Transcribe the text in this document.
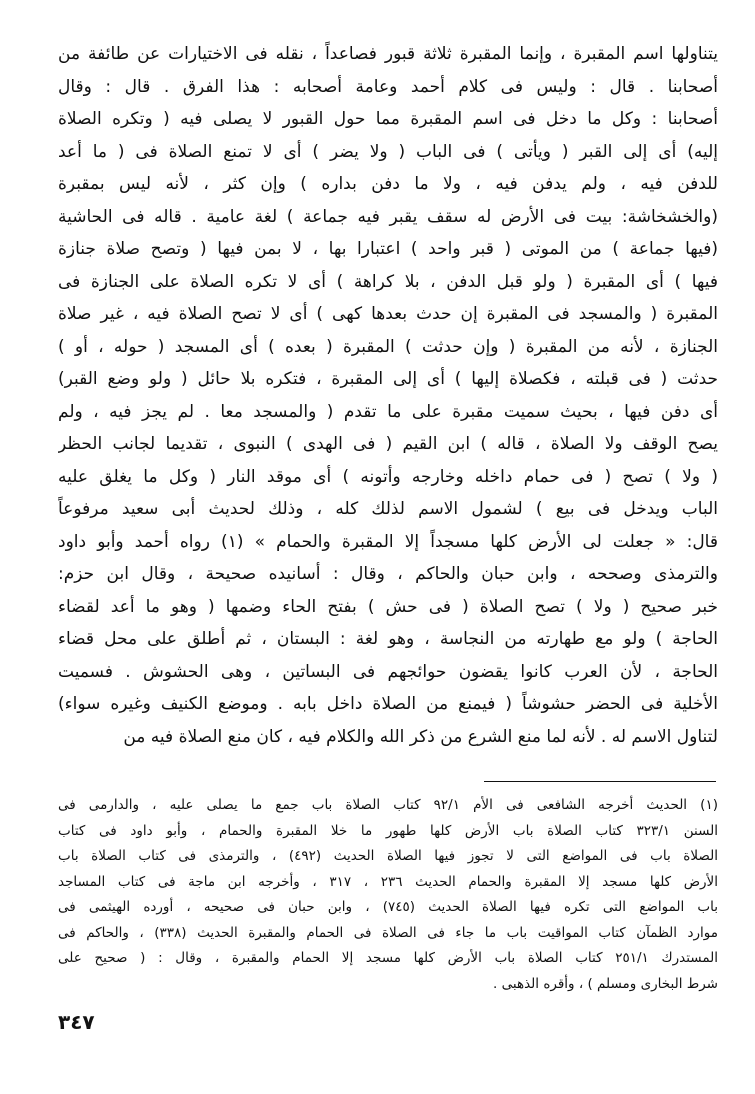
يتناولها اسم المقبرة ، وإنما المقبرة ثلاثة قبور فصاعداً ، نقله فى الاختيارات عن طائفة من
أصحابنا . قال : وليس فى كلام أحمد وعامة أصحابه : هذا الفرق . قال : وقال
أصحابنا : وكل ما دخل فى اسم المقبرة مما حول القبور لا يصلى فيه ( وتكره الصلاة
إليه) أى إلى القبر ( ويأتى ) فى الباب ( ولا يضر ) أى لا تمنع الصلاة فى ( ما أعد
للدفن فيه ، ولم يدفن فيه ، ولا ما دفن بداره ) وإن كثر ، لأنه ليس بمقبرة
(والخشخاشة: بيت فى الأرض له سقف يقبر فيه جماعة ) لغة عامية . قاله فى الحاشية
(فيها جماعة ) من الموتى ( قبر واحد ) اعتبارا بها ، لا بمن فيها ( وتصح صلاة جنازة
فيها ) أى المقبرة ( ولو قبل الدفن ، بلا كراهة ) أى لا تكره الصلاة على الجنازة فى
المقبرة ( والمسجد فى المقبرة إن حدث بعدها كهى ) أى لا تصح الصلاة فيه ، غير صلاة
الجنازة ، لأنه من المقبرة ( وإن حدثت ) المقبرة ( بعده ) أى المسجد ( حوله ، أو )
حدثت ( فى قبلته ، فكصلاة إليها ) أى إلى المقبرة ، فتكره بلا حائل ( ولو وضع القبر)
أى دفن فيها ، بحيث سميت مقبرة على ما تقدم ( والمسجد معا . لم يجز فيه ، ولم
يصح الوقف ولا الصلاة ، قاله ) ابن القيم ( فى الهدى ) النبوى ، تقديما لجانب الحظر
( ولا ) تصح ( فى حمام داخله وخارجه وأتونه ) أى موقد النار ( وكل ما يغلق عليه
الباب ويدخل فى بيع ) لشمول الاسم لذلك كله ، وذلك لحديث أبى سعيد مرفوعاً
قال: « جعلت لى الأرض كلها مسجداً إلا المقبرة والحمام » (١) رواه أحمد وأبو داود
والترمذى وصححه ، وابن حبان والحاكم ، وقال : أسانيده صحيحة ، وقال ابن حزم:
خبر صحيح ( ولا ) تصح الصلاة ( فى حش ) بفتح الحاء وضمها ( وهو ما أعد لقضاء
الحاجة ) ولو مع طهارته من النجاسة ، وهو لغة : البستان ، ثم أطلق على محل قضاء
الحاجة ، لأن العرب كانوا يقضون حوائجهم فى البساتين ، وهى الحشوش . فسميت
الأخلية فى الحضر حشوشاً ( فيمنع من الصلاة داخل بابه . وموضع الكنيف وغيره سواء)
لتناول الاسم له . لأنه لما منع الشرع من ذكر الله والكلام فيه ، كان منع الصلاة فيه من
(١) الحديث أخرجه الشافعى فى الأم ٩٢/١ كتاب الصلاة باب جمع ما يصلى عليه ، والدارمى فى
السنن ٣٢٣/١ كتاب الصلاة باب الأرض كلها طهور ما خلا المقبرة والحمام ، وأبو داود فى كتاب
الصلاة باب فى المواضع التى لا تجوز فيها الصلاة الحديث (٤٩٢) ، والترمذى فى كتاب الصلاة باب
الأرض كلها مسجد إلا المقبرة والحمام الحديث ٢٣٦ ، ٣١٧ ، وأخرجه ابن ماجة فى كتاب المساجد
باب المواضع التى تكره فيها الصلاة الحديث (٧٤٥) ، وابن حبان فى صحيحه ، أورده الهيثمى فى
موارد الظمآن كتاب المواقيت باب ما جاء فى الصلاة فى الحمام والمقبرة الحديث (٣٣٨) ، والحاكم فى
المستدرك ٢٥١/١ كتاب الصلاة باب الأرض كلها مسجد إلا الحمام والمقبرة ، وقال : ( صحيح على
شرط البخارى ومسلم ) ، وأقره الذهبى .
٣٤٧
